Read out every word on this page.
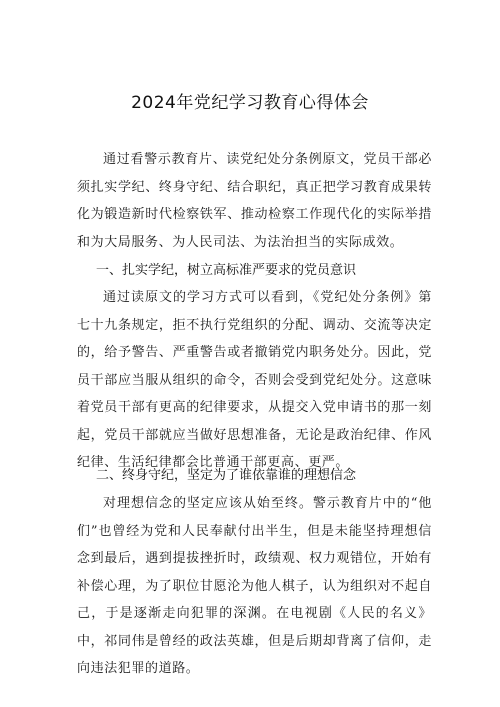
2024年党纪学习教育心得体会

通过看警示教育片、读党纪处分条例原文，党员干部必须扎实学纪、终身守纪、结合职纪，真正把学习教育成果转化为锻造新时代检察铁军、推动检察工作现代化的实际举措和为大局服务、为人民司法、为法治担当的实际成效。

一、扎实学纪，树立高标准严要求的党员意识

通过读原文的学习方式可以看到，《党纪处分条例》第七十九条规定，拒不执行党组织的分配、调动、交流等决定的，给予警告、严重警告或者撤销党内职务处分。因此，党员干部应当服从组织的命令，否则会受到党纪处分。这意味着党员干部有更高的纪律要求，从提交入党申请书的那一刻起，党员干部就应当做好思想准备，无论是政治纪律、作风纪律、生活纪律都会比普通干部更高、更严。

二、终身守纪，坚定为了谁依靠谁的理想信念

对理想信念的坚定应该从始至终。警示教育片中的“他们”也曾经为党和人民奉献付出半生，但是未能坚持理想信念到最后，遇到提拔挫折时，政绩观、权力观错位，开始有补偿心理，为了职位甘愿沦为他人棋子，认为组织对不起自己，于是逐渐走向犯罪的深渊。在电视剧《人民的名义》中，祁同伟是曾经的政法英雄，但是后期却背离了信仰，走向违法犯罪的道路。
